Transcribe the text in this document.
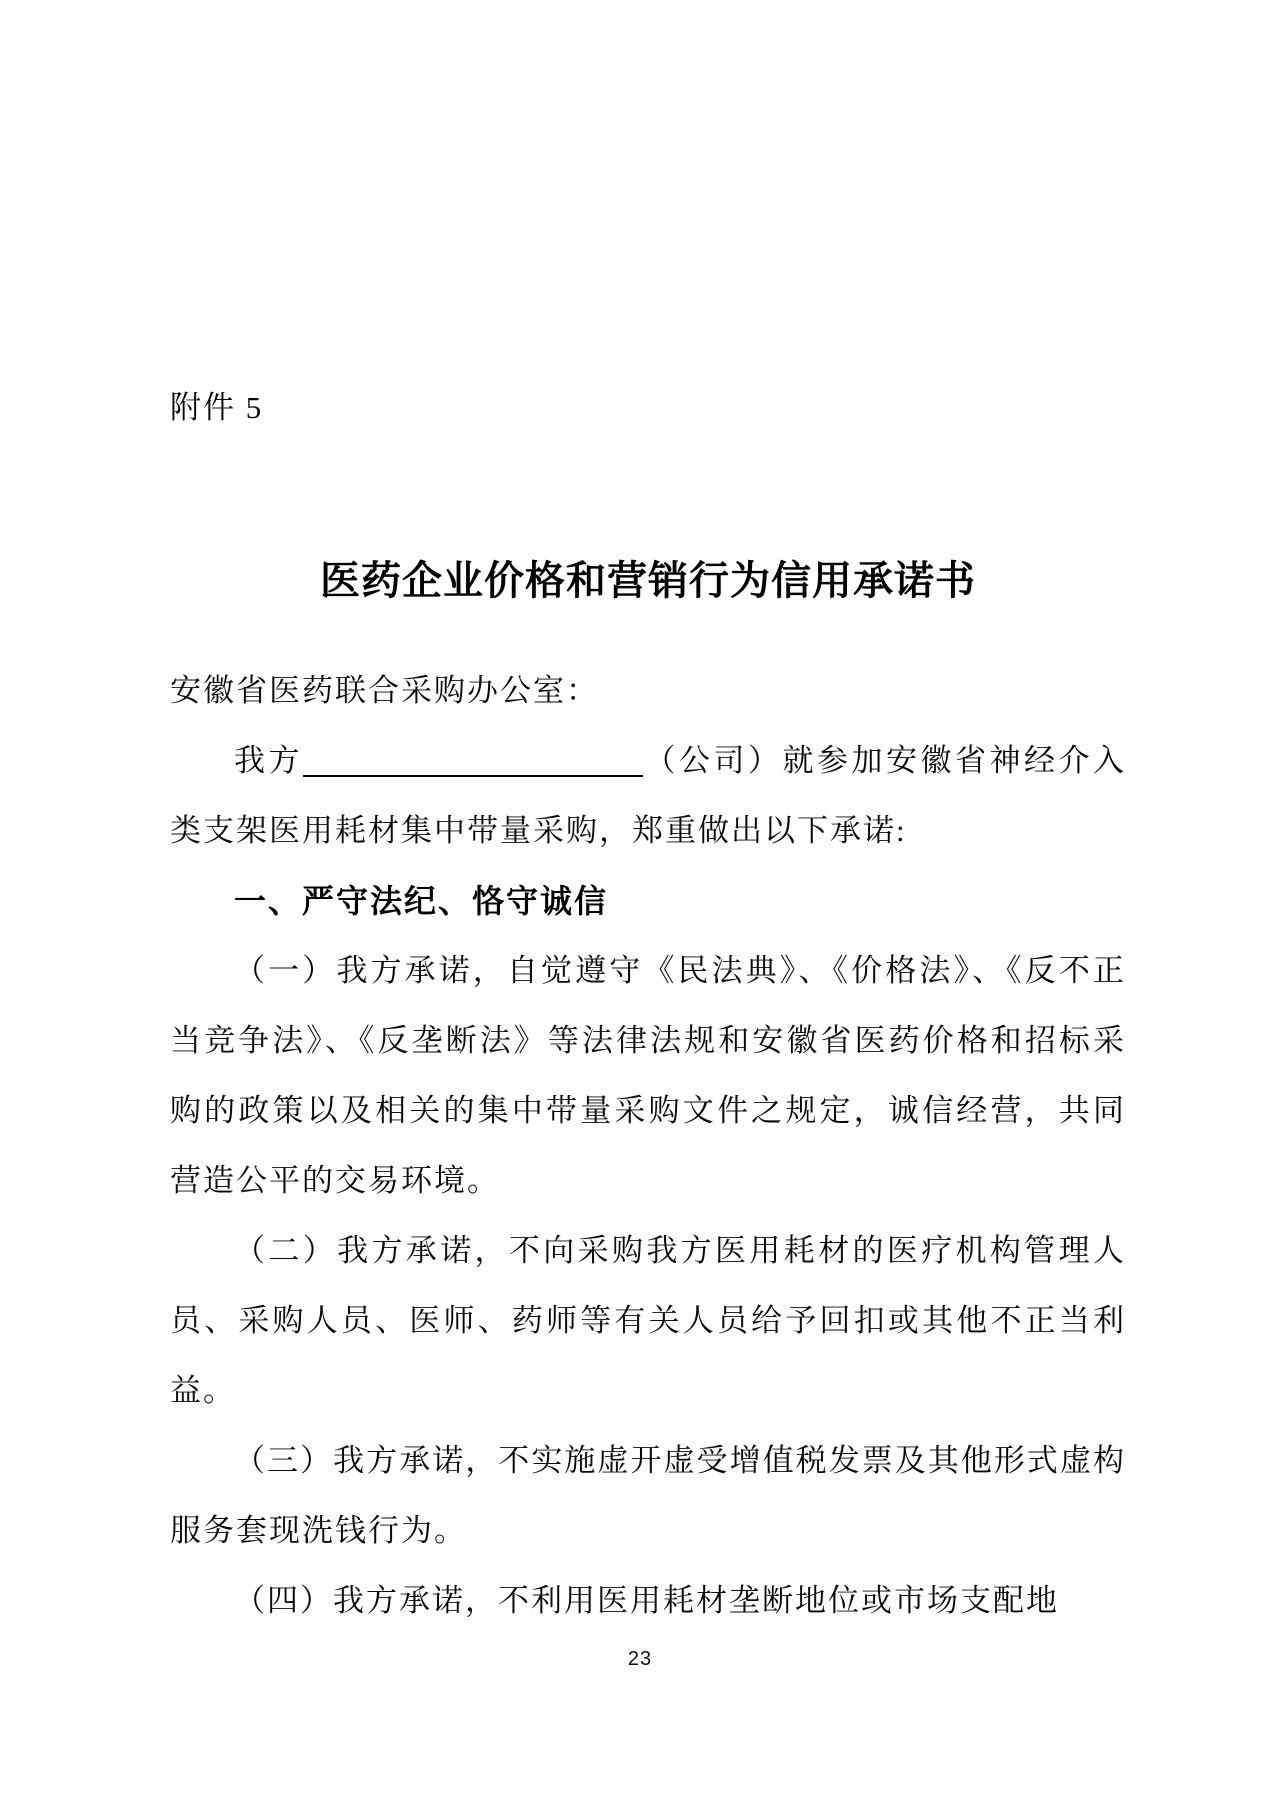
附件 5
医药企业价格和营销行为信用承诺书

安徽省医药联合采购办公室：

我方	（公司）就参加安徽省神经介入类支架医用耗材集中带量采购，郑重做出以下承诺:

一、严守法纪、恪守诚信

（一）我方承诺，自觉遵守《民法典》、《价格法》、《反不正当竞争法》、《反垄断法》等法律法规和安徽省医药价格和招标采购的政策以及相关的集中带量采购文件之规定，诚信经营，共同营造公平的交易环境。

（二）我方承诺，不向采购我方医用耗材的医疗机构管理人员、采购人员、医师、药师等有关人员给予回扣或其他不正当利益。

（三）我方承诺，不实施虚开虚受增值税发票及其他形式虚构服务套现洗钱行为。

（四）我方承诺，不利用医用耗材垄断地位或市场支配地

23
